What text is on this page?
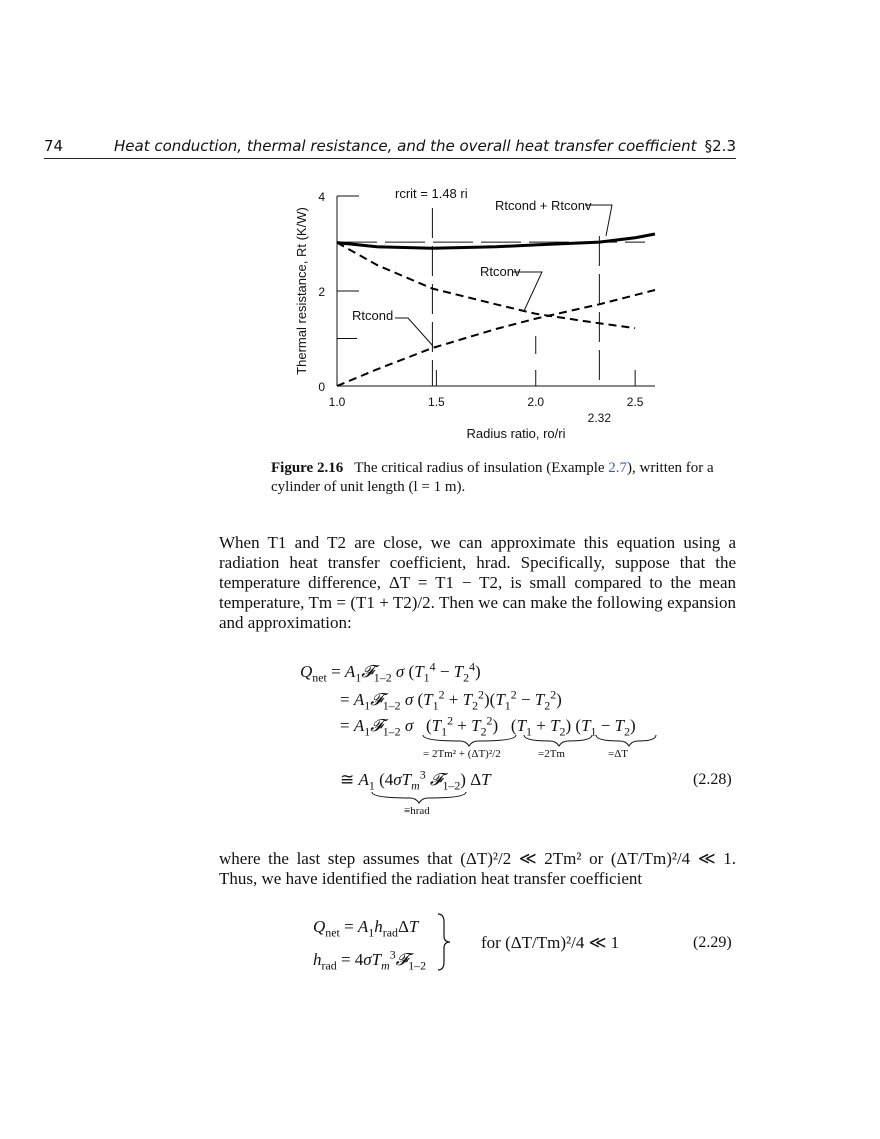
74	Heat conduction, thermal resistance, and the overall heat transfer coefficient §2.3
0
2
4
1.0	1.5	2.0	2.5
2.32
Thermal resistance, Rt (K/W)
Radius ratio, ro/ri
rcrit = 1.48 ri
Rtcond + Rtconv
Rtconv
Rtcond
Figure 2.16 The critical radius of insulation (Example 2.7), written for a cylinder of unit length (l = 1 m).
When T1 and T2 are close, we can approximate this equation using a radiation heat transfer coefficient, hrad. Specifically, suppose that the temperature difference, ΔT = T1 − T2, is small compared to the mean temperature, Tm = (T1 + T2)/2. Then we can make the following expansion and approximation:
$Q_{net}$ = $A_1𝓕_{1-2}$ σ $(T_1^4 - T_2^4)$
= $A_1𝓕_{1-2}$ σ $(T_1^2 + T_2^2)(T_1^2 - T_2^2)$
= $A_1𝓕_{1-2}$ σ   $(T_1^2 + T_2^2) (T_1 + T_2) (T_1 - T_2)$
= 2Tm² + (ΔT)²/2	=2Tm	=ΔT
≅ $A_1$ ($4\sigma T_m^3$ 𝓕$_{1-2}$) ΔT
≡hrad
(2.28)
where the last step assumes that (ΔT)²/2 ≪ 2Tm² or (ΔT/Tm)²/4 ≪ 1. Thus, we have identified the radiation heat transfer coefficient
$Q_{net} = A_1h_{rad}\Delta T$
$h_{rad}$ = $4\sigma T_m^3𝓕_{1-2}$
for (ΔT/Tm)²/4 ≪ 1	(2.29)
